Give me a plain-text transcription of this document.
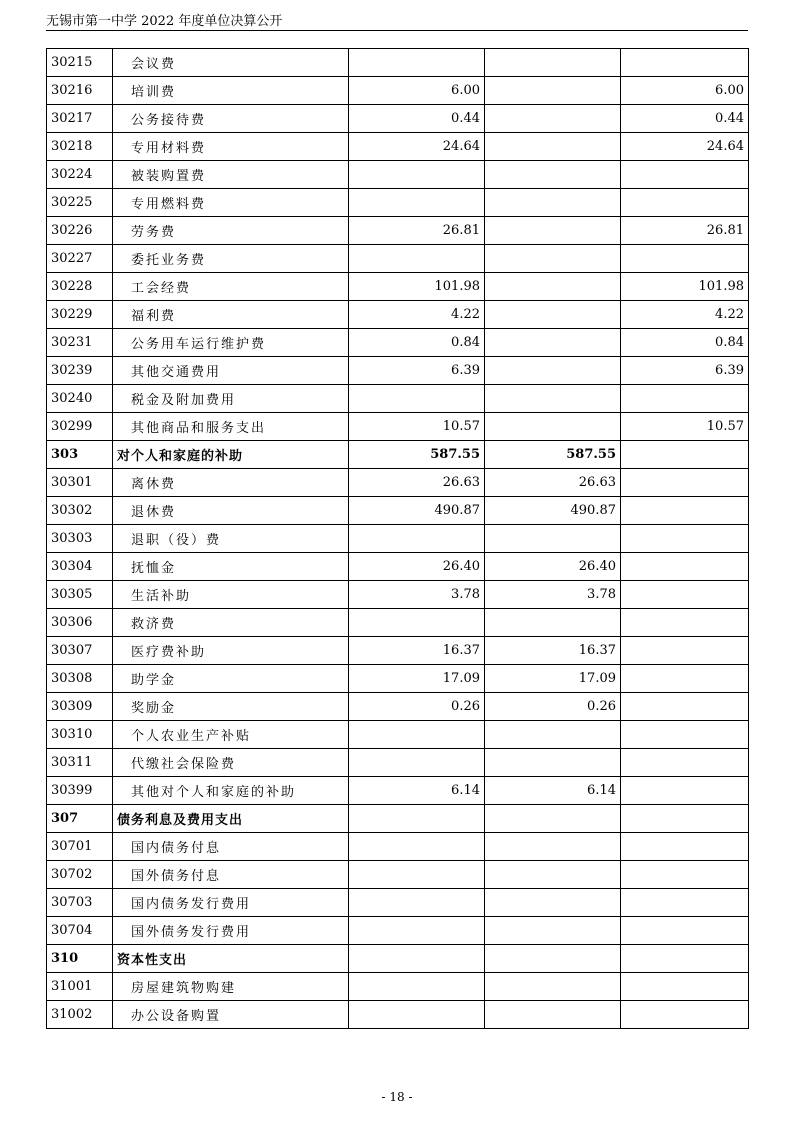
无锡市第一中学 2022 年度单位决算公开
30215	会议费			
30216	培训费	6.00		6.00
30217	公务接待费	0.44		0.44
30218	专用材料费	24.64		24.64
30224	被装购置费			
30225	专用燃料费			
30226	劳务费	26.81		26.81
30227	委托业务费			
30228	工会经费	101.98		101.98
30229	福利费	4.22		4.22
30231	公务用车运行维护费	0.84		0.84
30239	其他交通费用	6.39		6.39
30240	税金及附加费用			
30299	其他商品和服务支出	10.57		10.57
303	对个人和家庭的补助	587.55	587.55	
30301	离休费	26.63	26.63	
30302	退休费	490.87	490.87	
30303	退职（役）费			
30304	抚恤金	26.40	26.40	
30305	生活补助	3.78	3.78	
30306	救济费			
30307	医疗费补助	16.37	16.37	
30308	助学金	17.09	17.09	
30309	奖励金	0.26	0.26	
30310	个人农业生产补贴			
30311	代缴社会保险费			
30399	其他对个人和家庭的补助	6.14	6.14	
307	债务利息及费用支出			
30701	国内债务付息			
30702	国外债务付息			
30703	国内债务发行费用			
30704	国外债务发行费用			
310	资本性支出			
31001	房屋建筑物购建			
31002	办公设备购置			
- 18 -
